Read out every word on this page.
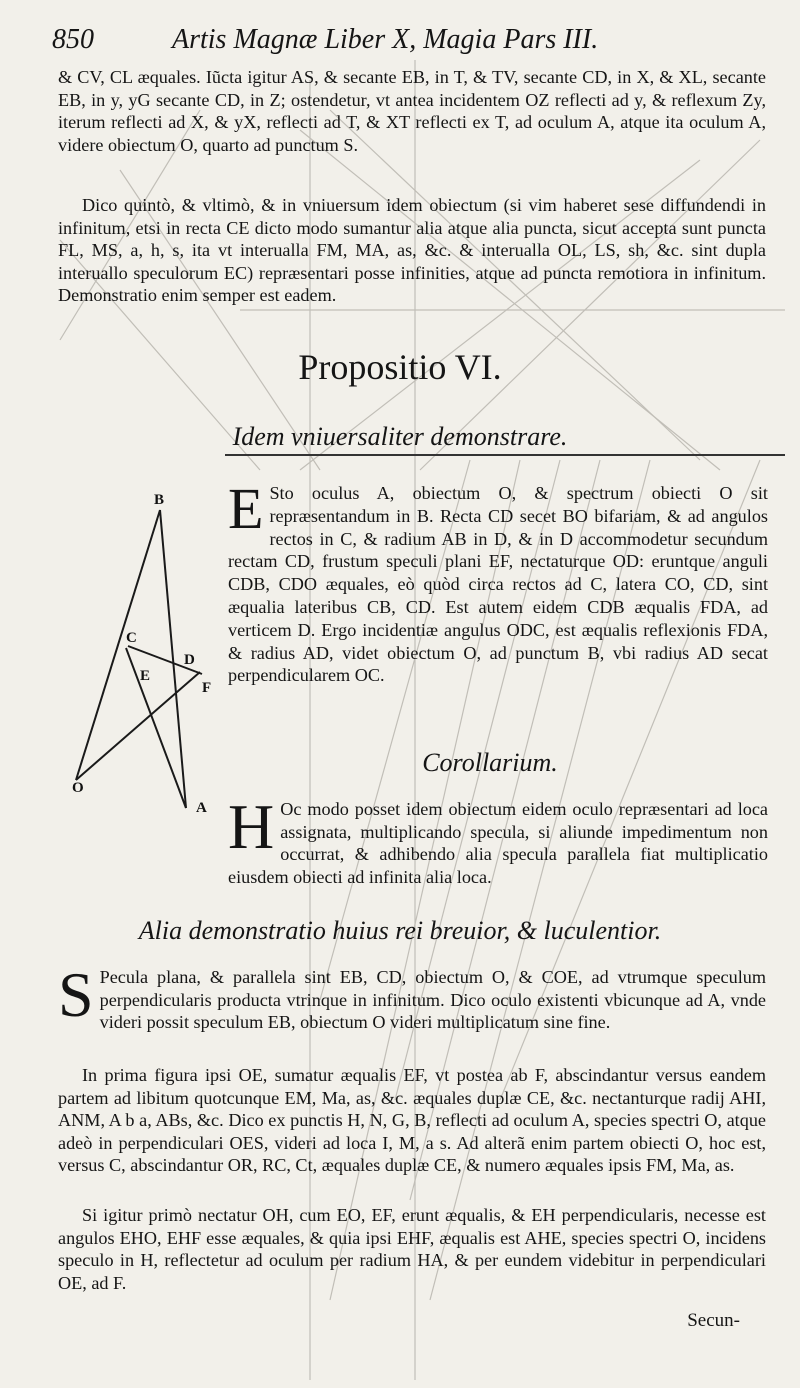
850	Artis Magnæ Liber X, Magia Pars III.

& CV, CL æquales. Iũcta igitur AS, & secante EB, in T, & TV, secante CD, in X, & XL, secante EB, in y, yG secante CD, in Z; ostendetur, vt antea incidentem OZ reflecti ad y, & reflexum Zy, iterum reflecti ad X, & yX, reflecti ad T, & XT reflecti ex T, ad oculum A, atque ita oculum A, videre obiectum O, quarto ad punctum S.

Dico quintò, & vltimò, & in vniuersum idem obiectum (si vim haberet sese diffundendi in infinitum, etsi in recta CE dicto modo sumantur alia atque alia puncta, sicut accepta sunt puncta FL, MS, a, h, s, ita vt interualla FM, MA, as, &c. & interualla OL, LS, sh, &c. sint dupla interuallo speculorum EC) repræsentari posse infinities, atque ad puncta remotiora in infinitum. Demonstratio enim semper est eadem.

Propositio VI.
Idem vniuersaliter demonstrare.
B
C
D
E
F
O
A
E Sto oculus A, obiectum O, & spectrum obiecti O sit repræsentandum in B. Recta CD secet BO bifariam, & ad angulos rectos in C, & radium AB in D, & in D accommodetur secundum rectam CD, frustum speculi plani EF, nectaturque OD: eruntque anguli CDB, CDO æquales, eò quòd circa rectos ad C, latera CO, CD, sint æqualia lateribus CB, CD. Est autem eidem CDB æqualis FDA, ad verticem D. Ergo incidentiæ angulus ODC, est æqualis reflexionis FDA, & radius AD, videt obiectum O, ad punctum B, vbi radius AD secat perpendicularem OC.
Corollarium.
H Oc modo posset idem obiectum eidem oculo repræsentari ad loca assignata, multiplicando specula, si aliunde impedimentum non occurrat, & adhibendo alia specula parallela fiat multiplicatio eiusdem obiecti ad infinita alia loca.
Alia demonstratio huius rei breuior, & luculentior.
S Pecula plana, & parallela sint EB, CD, obiectum O, & COE, ad vtrumque speculum perpendicularis producta vtrinque in infinitum. Dico oculo existenti vbicunque ad A, vnde videri possit speculum EB, obiectum O videri multiplicatum sine fine.

In prima figura ipsi OE, sumatur æqualis EF, vt postea ab F, abscindantur versus eandem partem ad libitum quotcunque EM, Ma, as, &c. æquales duplæ CE, &c. nectanturque radij AHI, ANM, A b a, ABs, &c. Dico ex punctis H, N, G, B, reflecti ad oculum A, species spectri O, atque adeò in perpendiculari OES, videri ad loca I, M, a s. Ad alterã enim partem obiecti O, hoc est, versus C, abscindantur OR, RC, Ct, æquales duplæ CE, & numero æquales ipsis FM, Ma, as.

Si igitur primò nectatur OH, cum EO, EF, erunt æqualis, & EH perpendicularis, necesse est angulos EHO, EHF esse æquales, & quia ipsi EHF, æqualis est AHE, species spectri O, incidens speculo in H, reflectetur ad oculum per radium HA, & per eundem videbitur in perpendiculari OE, ad F.

Secun-
